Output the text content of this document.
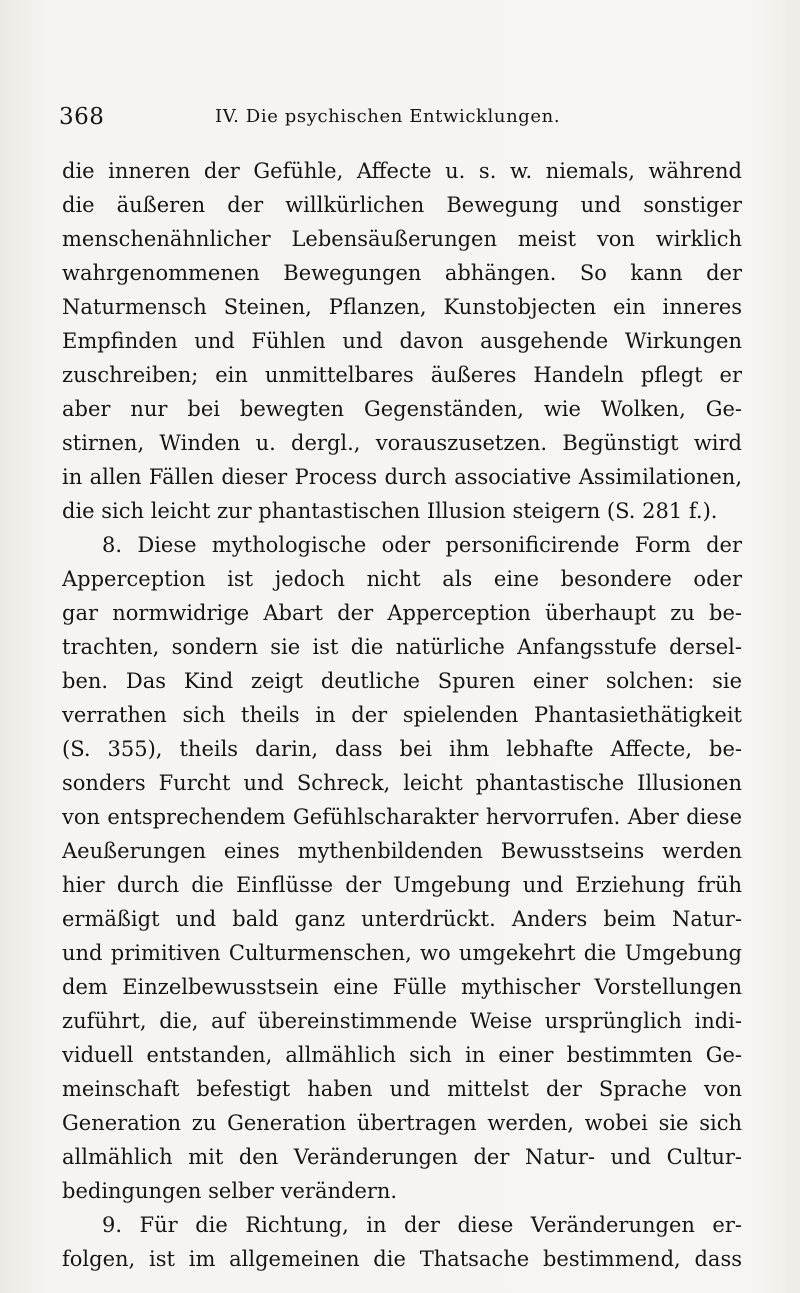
368	IV. Die psychischen Entwicklungen.
die inneren der Gefühle, Affecte u. s. w. niemals, während
die äußeren der willkürlichen Bewegung und sonstiger
menschenähnlicher Lebensäußerungen meist von wirklich
wahrgenommenen Bewegungen abhängen. So kann der
Naturmensch Steinen, Pflanzen, Kunstobjecten ein inneres
Empfinden und Fühlen und davon ausgehende Wirkungen
zuschreiben; ein unmittelbares äußeres Handeln pflegt er
aber nur bei bewegten Gegenständen, wie Wolken, Ge-
stirnen, Winden u. dergl., vorauszusetzen. Begünstigt wird
in allen Fällen dieser Process durch associative Assimilationen,
die sich leicht zur phantastischen Illusion steigern (S. 281 f.).
8. Diese mythologische oder personificirende Form der
Apperception ist jedoch nicht als eine besondere oder
gar normwidrige Abart der Apperception überhaupt zu be-
trachten, sondern sie ist die natürliche Anfangsstufe dersel-
ben. Das Kind zeigt deutliche Spuren einer solchen: sie
verrathen sich theils in der spielenden Phantasiethätigkeit
(S. 355), theils darin, dass bei ihm lebhafte Affecte, be-
sonders Furcht und Schreck, leicht phantastische Illusionen
von entsprechendem Gefühlscharakter hervorrufen. Aber diese
Aeußerungen eines mythenbildenden Bewusstseins werden
hier durch die Einflüsse der Umgebung und Erziehung früh
ermäßigt und bald ganz unterdrückt. Anders beim Natur-
und primitiven Culturmenschen, wo umgekehrt die Umgebung
dem Einzelbewusstsein eine Fülle mythischer Vorstellungen
zuführt, die, auf übereinstimmende Weise ursprünglich indi-
viduell entstanden, allmählich sich in einer bestimmten Ge-
meinschaft befestigt haben und mittelst der Sprache von
Generation zu Generation übertragen werden, wobei sie sich
allmählich mit den Veränderungen der Natur- und Cultur-
bedingungen selber verändern.
9. Für die Richtung, in der diese Veränderungen er-
folgen, ist im allgemeinen die Thatsache bestimmend, dass
